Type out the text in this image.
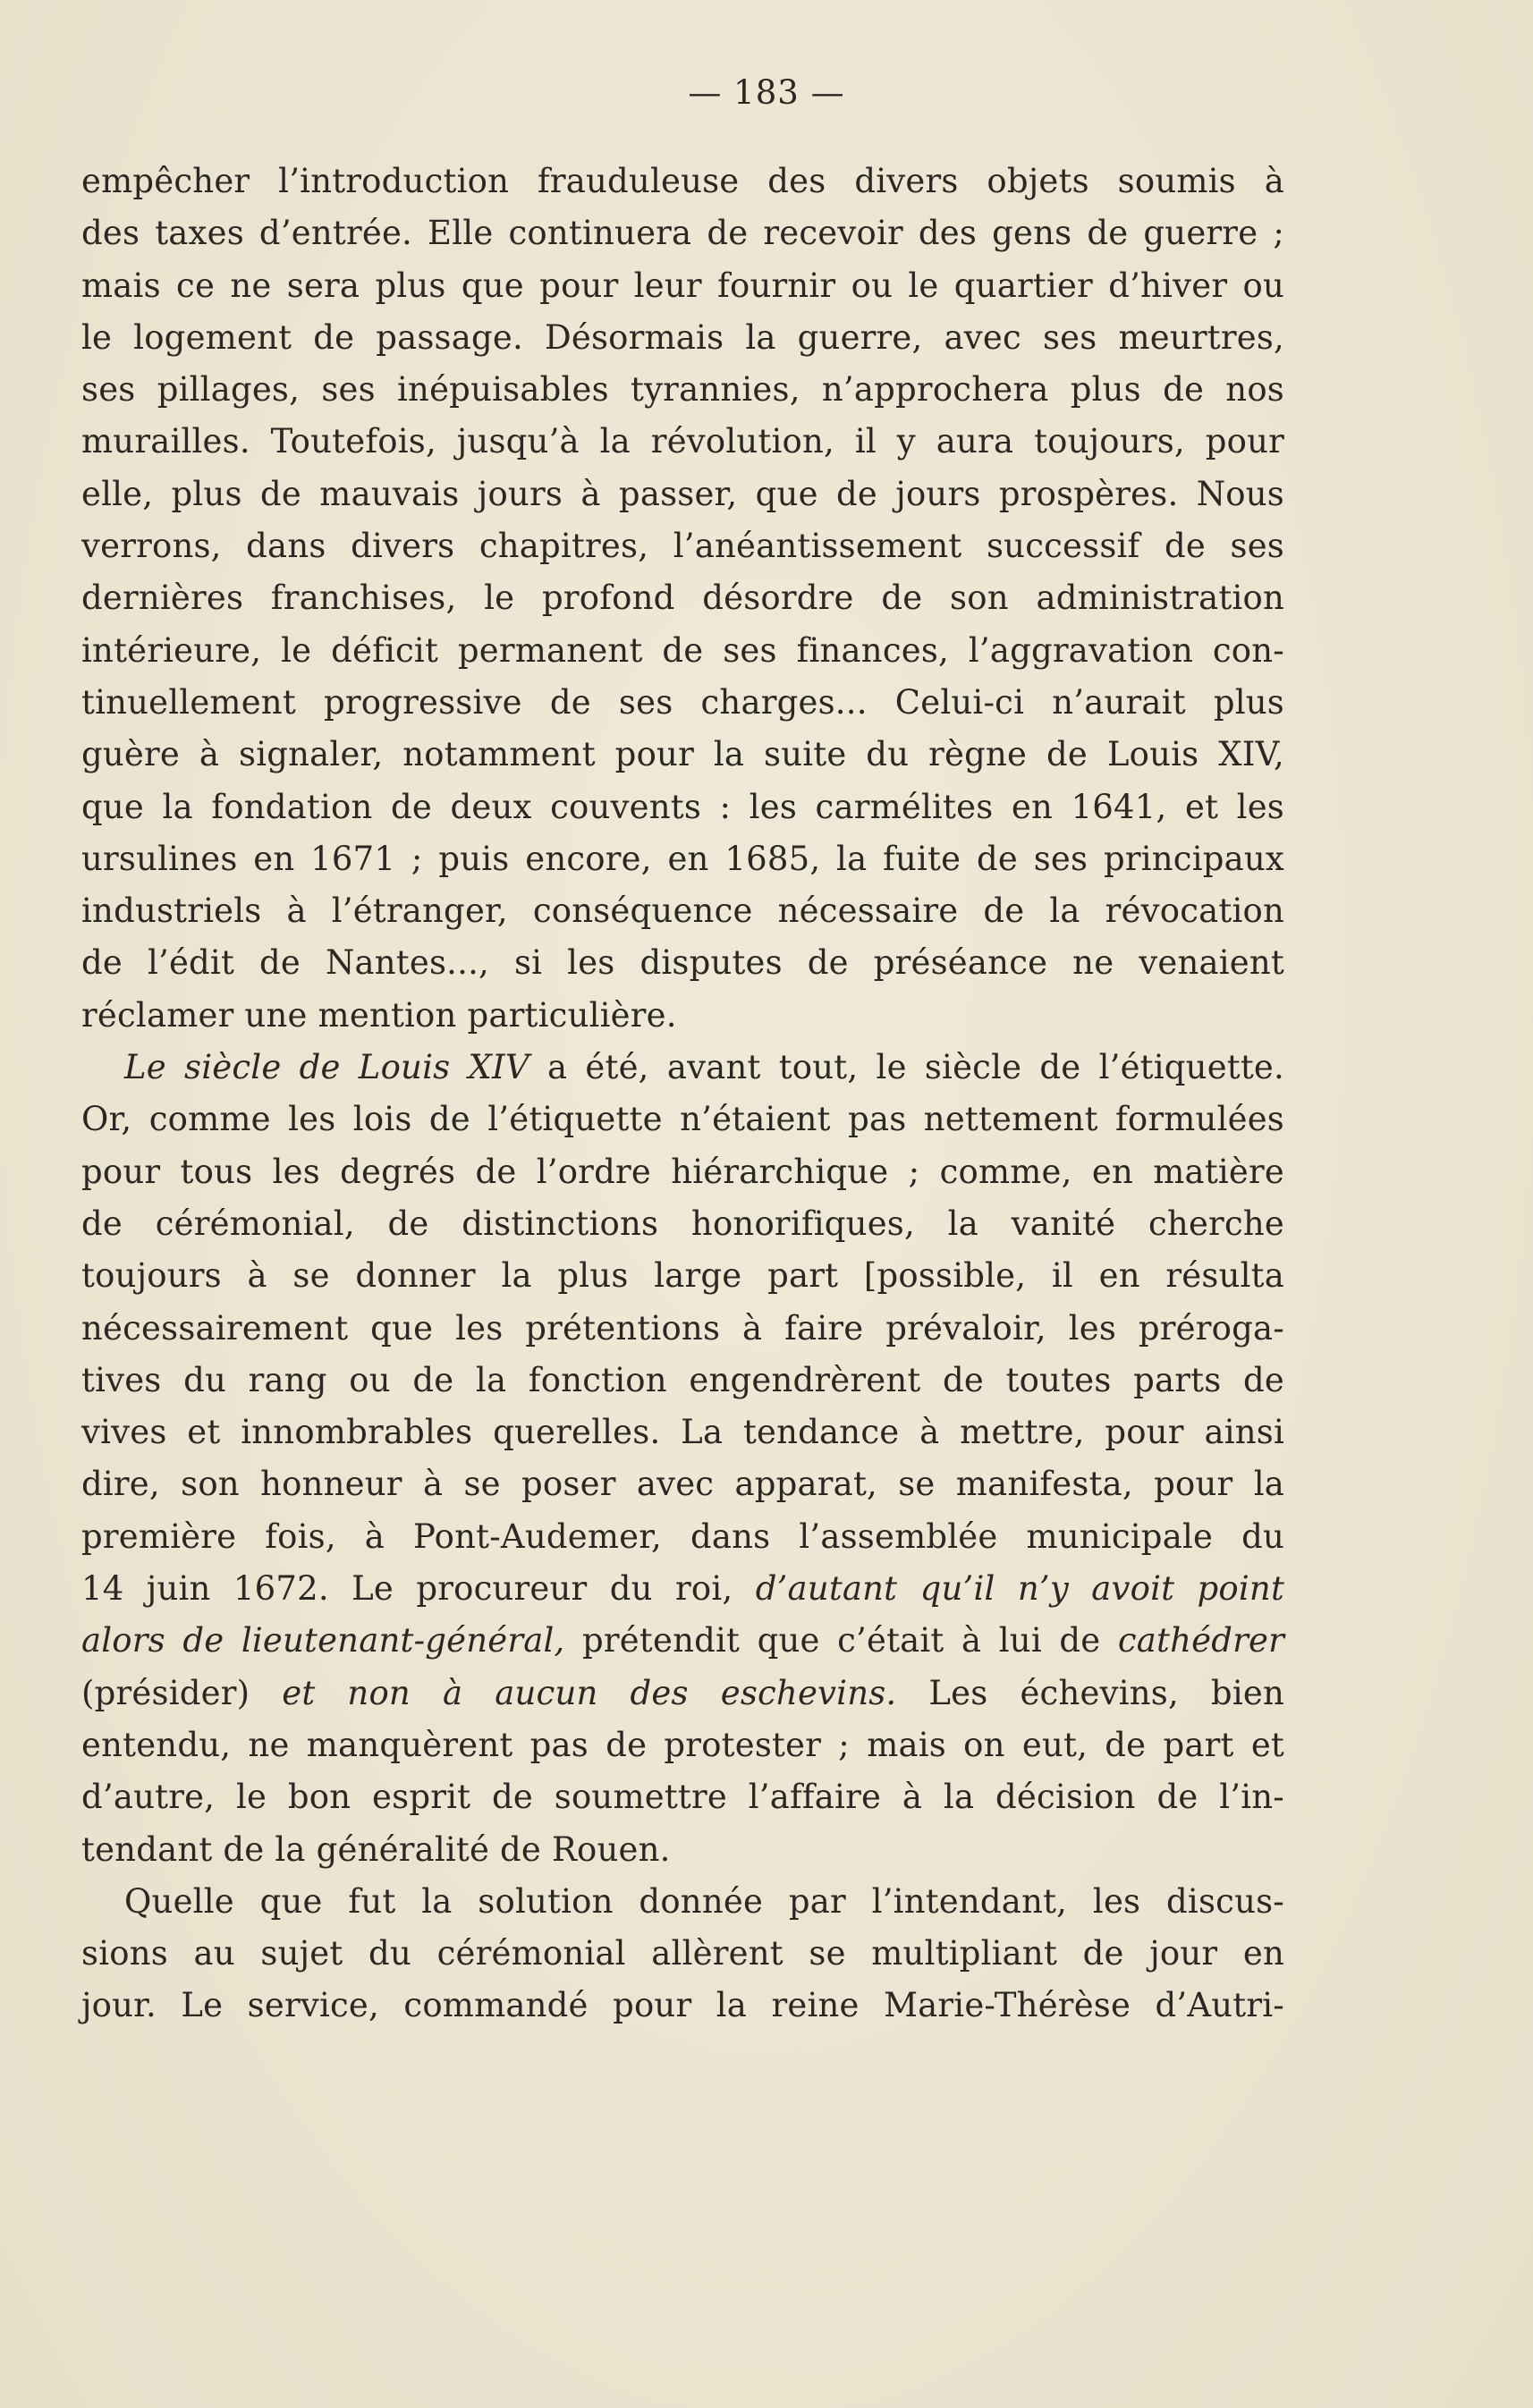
— 183 —
empêcher l’introduction frauduleuse des divers objets soumis à
des taxes d’entrée. Elle continuera de recevoir des gens de guerre ;
mais ce ne sera plus que pour leur fournir ou le quartier d’hiver ou
le logement de passage. Désormais la guerre, avec ses meurtres,
ses pillages, ses inépuisables tyrannies, n’approchera plus de nos
murailles. Toutefois, jusqu’à la révolution, il y aura toujours, pour
elle, plus de mauvais jours à passer, que de jours prospères. Nous
verrons, dans divers chapitres, l’anéantissement successif de ses
dernières franchises, le profond désordre de son administration
intérieure, le déficit permanent de ses finances, l’aggravation con-
tinuellement progressive de ses charges... Celui-ci n’aurait plus
guère à signaler, notamment pour la suite du règne de Louis XIV,
que la fondation de deux couvents : les carmélites en 1641, et les
ursulines en 1671 ; puis encore, en 1685, la fuite de ses principaux
industriels à l’étranger, conséquence nécessaire de la révocation
de l’édit de Nantes..., si les disputes de préséance ne venaient
réclamer une mention particulière.
Le siècle de Louis XIV a été, avant tout, le siècle de l’étiquette.
Or, comme les lois de l’étiquette n’étaient pas nettement formulées
pour tous les degrés de l’ordre hiérarchique ; comme, en matière
de cérémonial, de distinctions honorifiques, la vanité cherche
toujours à se donner la plus large part [possible, il en résulta
nécessairement que les prétentions à faire prévaloir, les préroga-
tives du rang ou de la fonction engendrèrent de toutes parts de
vives et innombrables querelles. La tendance à mettre, pour ainsi
dire, son honneur à se poser avec apparat, se manifesta, pour la
première fois, à Pont-Audemer, dans l’assemblée municipale du
14 juin 1672. Le procureur du roi, d’autant qu’il n’y avoit point
alors de lieutenant-général, prétendit que c’était à lui de cathédrer
(présider) et non à aucun des eschevins. Les échevins, bien
entendu, ne manquèrent pas de protester ; mais on eut, de part et
d’autre, le bon esprit de soumettre l’affaire à la décision de l’in-
tendant de la généralité de Rouen.
Quelle que fut la solution donnée par l’intendant, les discus-
sions au sujet du cérémonial allèrent se multipliant de jour en
jour. Le service, commandé pour la reine Marie-Thérèse d’Autri-
